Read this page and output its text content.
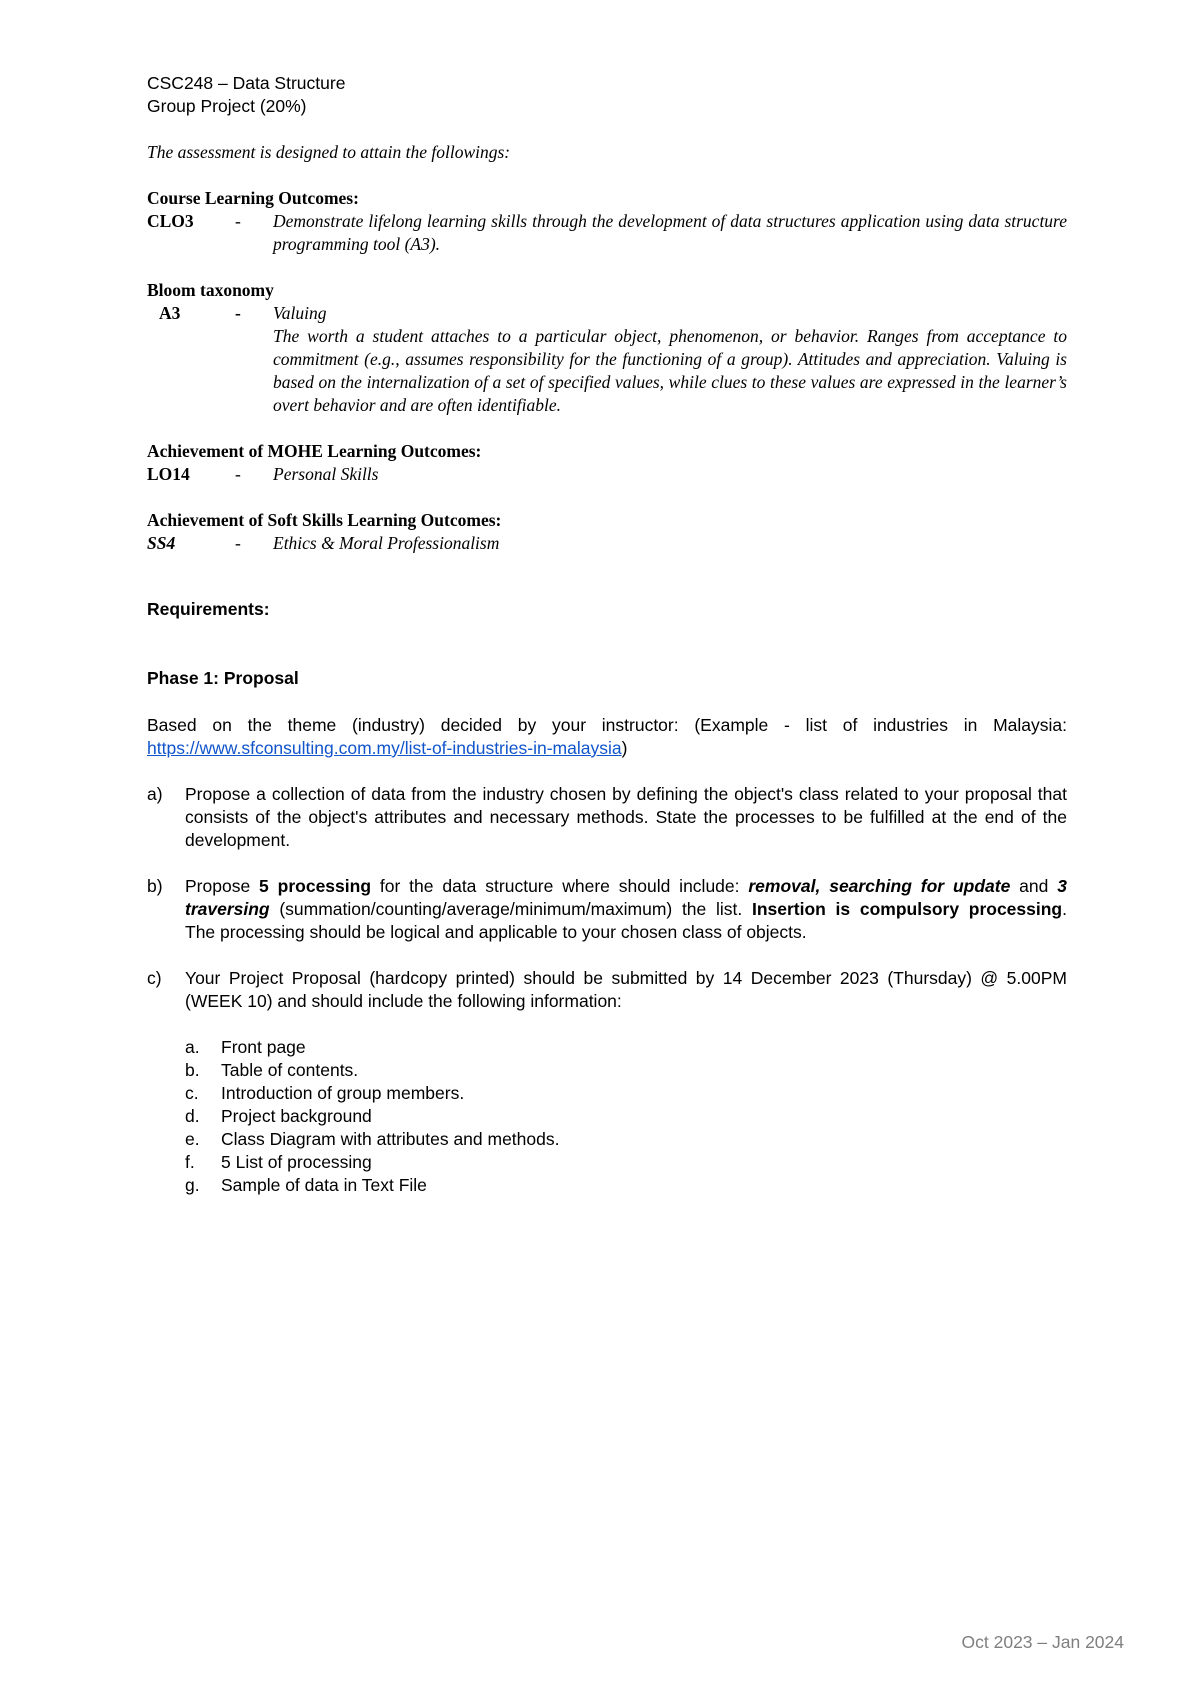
CSC248 – Data Structure
Group Project (20%)
The assessment is designed to attain the followings:
Course Learning Outcomes:
CLO3	-	Demonstrate lifelong learning skills through the development of data structures application using data structure programming tool (A3).
Bloom taxonomy
A3	-	Valuing
The worth a student attaches to a particular object, phenomenon, or behavior. Ranges from acceptance to commitment (e.g., assumes responsibility for the functioning of a group). Attitudes and appreciation. Valuing is based on the internalization of a set of specified values, while clues to these values are expressed in the learner’s overt behavior and are often identifiable.
Achievement of MOHE Learning Outcomes:
LO14	-	Personal Skills
Achievement of Soft Skills Learning Outcomes:
SS4	-	Ethics & Moral Professionalism
Requirements:
Phase 1: Proposal
Based on the theme (industry) decided by your instructor: (Example - list of industries in Malaysia: https://www.sfconsulting.com.my/list-of-industries-in-malaysia)
a)	Propose a collection of data from the industry chosen by defining the object's class related to your proposal that consists of the object's attributes and necessary methods. State the processes to be fulfilled at the end of the development.
b)	Propose 5 processing for the data structure where should include: removal, searching for update and 3 traversing (summation/counting/average/minimum/maximum) the list. Insertion is compulsory processing. The processing should be logical and applicable to your chosen class of objects.
c)	Your Project Proposal (hardcopy printed) should be submitted by 14 December 2023 (Thursday) @ 5.00PM (WEEK 10) and should include the following information:
a.	Front page
b.	Table of contents.
c.	Introduction of group members.
d.	Project background
e.	Class Diagram with attributes and methods.
f.	5 List of processing
g.	Sample of data in Text File
Oct 2023 – Jan 2024
